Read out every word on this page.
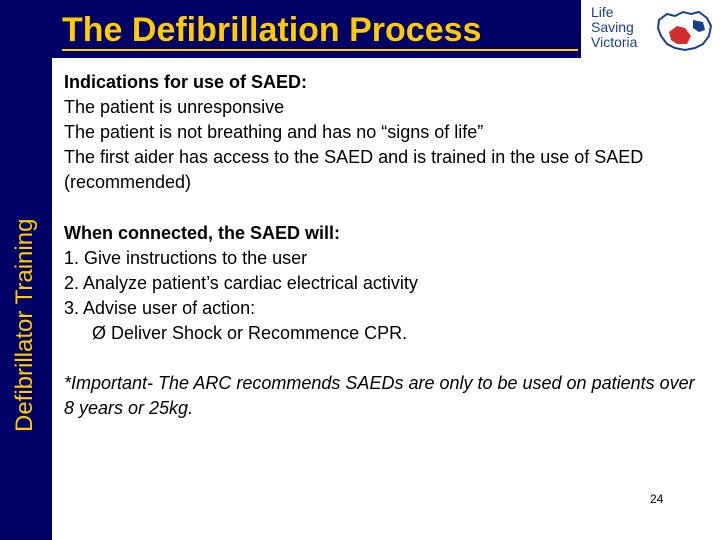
Defibrillator Training
The Defibrillation Process	Life
Saving
Victoria

Indications for use of SAED:

The patient is unresponsive

The patient is not breathing and has no “signs of life”

The first aider has access to the SAED and is trained in the use of SAED (recommended)

When connected, the SAED will:

1. Give instructions to the user

2. Analyze patient’s cardiac electrical activity

3. Advise user of action:

Ø Deliver Shock or Recommence CPR.

*Important- The ARC recommends SAEDs are only to be used on patients over 8 years or 25kg.

24
